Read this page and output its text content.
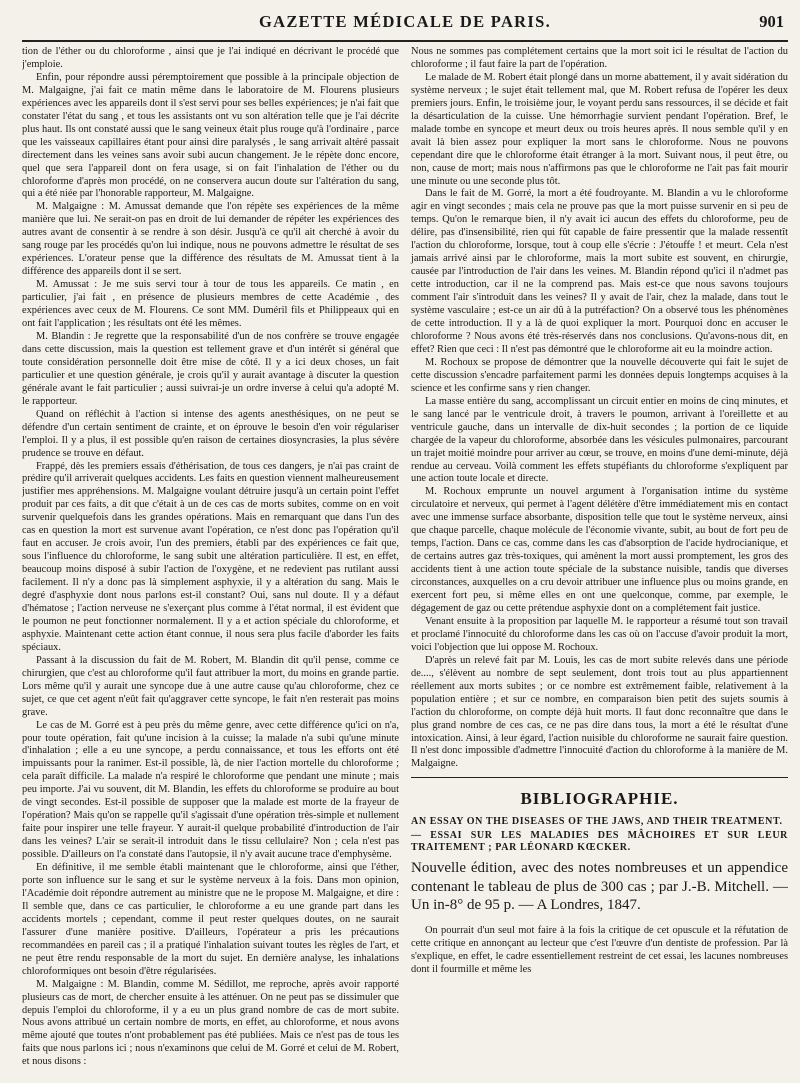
GAZETTE MÉDICALE DE PARIS.	901

tion de l'éther ou du chloroforme , ainsi que je l'ai indiqué en décrivant le procédé que j'emploie.

Enfin, pour répondre aussi péremptoirement que possible à la principale objection de M. Malgaigne, j'ai fait ce matin même dans le laboratoire de M. Flourens plusieurs expériences avec les appareils dont il s'est servi pour ses belles expériences; je n'ai fait que constater l'état du sang , et tous les assistants ont vu son altération telle que je l'ai décrite plus haut. Ils ont constaté aussi que le sang veineux était plus rouge qu'à l'ordinaire , parce que les vaisseaux capillaires étant pour ainsi dire paralysés , le sang arrivait altéré passait directement dans les veines sans avoir subi aucun changement. Je le répète donc encore, quel que sera l'appareil dont on fera usage, si on fait l'inhalation de l'éther ou du chloroforme d'après mon procédé, on ne conservera aucun doute sur l'altération du sang, qui a été niée par l'honorable rapporteur, M. Malgaigne.

M. Malgaigne : M. Amussat demande que l'on répète ses expériences de la même manière que lui. Ne serait-on pas en droit de lui demander de répéter les expériences des autres avant de consentir à se rendre à son désir. Jusqu'à ce qu'il ait cherché à avoir du sang rouge par les procédés qu'on lui indique, nous ne pouvons admettre le résultat de ses expériences. L'orateur pense que la différence des résultats de M. Amussat tient à la différence des appareils dont il se sert.

M. Amussat : Je me suis servi tour à tour de tous les appareils. Ce matin , en particulier, j'ai fait , en présence de plusieurs membres de cette Académie , des expériences avec ceux de M. Flourens. Ce sont MM. Duméril fils et Philippeaux qui en ont fait l'application ; les résultats ont été les mêmes.

M. Blandin : Je regrette que la responsabilité d'un de nos confrère se trouve engagée dans cette discussion, mais la question est tellement grave et d'un intérêt si général que toute considération personnelle doit être mise de côté. Il y a ici deux choses, un fait particulier et une question générale, je crois qu'il y aurait avantage à discuter la question générale avant le fait particulier ; aussi suivrai-je un ordre inverse à celui qu'a adopté M. le rapporteur.

Quand on réfléchit à l'action si intense des agents anesthésiques, on ne peut se défendre d'un certain sentiment de crainte, et on éprouve le besoin d'en voir régulariser l'emploi. Il y a plus, il est possible qu'en raison de certaines diosyncrasies, la plus sévère prudence se trouve en défaut.

Frappé, dès les premiers essais d'éthérisation, de tous ces dangers, je n'ai pas craint de prédire qu'il arriverait quelques accidents. Les faits en question viennent malheureusement justifier mes appréhensions. M. Malgaigne voulant détruire jusqu'à un certain point l'effet produit par ces faits, a dit que c'était à un de ces cas de morts subites, comme on en voit survenir quelquefois dans les grandes opérations. Mais en remarquant que dans l'un des cas en question la mort est survenue avant l'opération, ce n'est donc pas l'opération qu'il faut en accuser. Je crois avoir, l'un des premiers, établi par des expériences ce fait que, sous l'influence du chloroforme, le sang subit une altération particulière. Il est, en effet, beaucoup moins disposé à subir l'action de l'oxygène, et ne redevient pas rutilant aussi facilement. Il n'y a donc pas là simplement asphyxie, il y a altération du sang. Mais le degré d'asphyxie dont nous parlons est-il constant? Oui, sans nul doute. Il y a défaut d'hématose ; l'action nerveuse ne s'exerçant plus comme à l'état normal, il est évident que le poumon ne peut fonctionner normalement. Il y a et action spéciale du chloroforme, et asphyxie. Maintenant cette action étant connue, il nous sera plus facile d'aborder les faits spéciaux.

Passant à la discussion du fait de M. Robert, M. Blandin dit qu'il pense, comme ce chirurgien, que c'est au chloroforme qu'il faut attribuer la mort, du moins en grande partie. Lors même qu'il y aurait une syncope due à une autre cause qu'au chloroforme, chez ce sujet, ce que cet agent n'eût fait qu'aggraver cette syncope, le fait n'en resterait pas moins grave.

Le cas de M. Gorré est à peu près du même genre, avec cette différence qu'ici on n'a, pour toute opération, fait qu'une incision à la cuisse; la malade n'a subi qu'une minute d'inhalation ; elle a eu une syncope, a perdu connaissance, et tous les efforts ont été impuissants pour la ranimer. Est-il possible, là, de nier l'action mortelle du chloroforme ; cela paraît difficile. La malade n'a respiré le chloroforme que pendant une minute ; mais peu importe. J'ai vu souvent, dit M. Blandin, les effets du chloroforme se produire au bout de vingt secondes. Est-il possible de supposer que la malade est morte de la frayeur de l'opération? Mais qu'on se rappelle qu'il s'agissait d'une opération très-simple et nullement faite pour inspirer une telle frayeur. Y aurait-il quelque probabilité d'introduction de l'air dans les veines? L'air se serait-il introduit dans le tissu cellulaire? Non ; cela n'est pas possible. D'ailleurs on l'a constaté dans l'autopsie, il n'y avait aucune trace d'emphysème.

En définitive, il me semble établi maintenant que le chloroforme, ainsi que l'éther, porte son influence sur le sang et sur le système nerveux à la fois. Dans mon opinion, l'Académie doit répondre autrement au ministre que ne le propose M. Malgaigne, et dire : Il semble que, dans ce cas particulier, le chloroforme a eu une grande part dans les accidents mortels ; cependant, comme il peut rester quelques doutes, on ne saurait l'assurer d'une manière positive. D'ailleurs, l'opérateur a pris les précautions recommandées en pareil cas ; il a pratiqué l'inhalation suivant toutes les règles de l'art, et ne peut être rendu responsable de la mort du sujet. En dernière analyse, les inhalations chloroformiques ont besoin d'être régularisées.

M. Malgaigne : M. Blandin, comme M. Sédillot, me reproche, après avoir rapporté plusieurs cas de mort, de chercher ensuite à les atténuer. On ne peut pas se dissimuler que depuis l'emploi du chloroforme, il y a eu un plus grand nombre de cas de mort subite. Nous avons attribué un certain nombre de morts, en effet, au chloroforme, et nous avons même ajouté que toutes n'ont probablement pas été publiées. Mais ce n'est pas de tous les faits que nous parlons ici ; nous n'examinons que celui de M. Gorré et celui de M. Robert, et nous disons :

Nous ne sommes pas complétement certains que la mort soit ici le résultat de l'action du chloroforme ; il faut faire la part de l'opération.

Le malade de M. Robert était plongé dans un morne abattement, il y avait sidération du système nerveux ; le sujet était tellement mal, que M. Robert refusa de l'opérer les deux premiers jours. Enfin, le troisième jour, le voyant perdu sans ressources, il se décide et fait la désarticulation de la cuisse. Une hémorrhagie survient pendant l'opération. Bref, le malade tombe en syncope et meurt deux ou trois heures après. Il nous semble qu'il y en avait là bien assez pour expliquer la mort sans le chloroforme. Nous ne pouvons cependant dire que le chloroforme était étranger à la mort. Suivant nous, il peut être, ou non, cause de mort; mais nous n'affirmons pas que le chloroforme ne l'ait pas fait mourir une minute ou une seconde plus tôt.

Dans le fait de M. Gorré, la mort a été foudroyante. M. Blandin a vu le chloroforme agir en vingt secondes ; mais cela ne prouve pas que la mort puisse survenir en si peu de temps. Qu'on le remarque bien, il n'y avait ici aucun des effets du chloroforme, peu de délire, pas d'insensibilité, rien qui fût capable de faire pressentir que la malade ressentît l'action du chloroforme, lorsque, tout à coup elle s'écrie : J'étouffe ! et meurt. Cela n'est jamais arrivé ainsi par le chloroforme, mais la mort subite est souvent, en chirurgie, causée par l'introduction de l'air dans les veines. M. Blandin répond qu'ici il n'admet pas cette introduction, car il ne la comprend pas. Mais est-ce que nous savons toujours comment l'air s'introduit dans les veines? Il y avait de l'air, chez la malade, dans tout le système vasculaire ; est-ce un air dû à la putréfaction? On a observé tous les phénomènes de cette introduction. Il y a là de quoi expliquer la mort. Pourquoi donc en accuser le chloroforme ? Nous avons été très-réservés dans nos conclusions. Qu'avons-nous dit, en effet? Rien que ceci : Il n'est pas démontré que le chloroforme ait eu la moindre action.

M. Rochoux se propose de démontrer que la nouvelle découverte qui fait le sujet de cette discussion s'encadre parfaitement parmi les données depuis longtemps acquises à la science et les confirme sans y rien changer.

La masse entière du sang, accomplissant un circuit entier en moins de cinq minutes, et le sang lancé par le ventricule droit, à travers le poumon, arrivant à l'oreillette et au ventricule gauche, dans un intervalle de dix-huit secondes ; la portion de ce liquide chargée de la vapeur du chloroforme, absorbée dans les vésicules pulmonaires, parcourant un trajet moitié moindre pour arriver au cœur, se trouve, en moins d'une demi-minute, déjà rendue au cerveau. Voilà comment les effets stupéfiants du chloroforme s'expliquent par une action toute locale et directe.

M. Rochoux emprunte un nouvel argument à l'organisation intime du système circulatoire et nerveux, qui permet à l'agent délétère d'être immédiatement mis en contact avec une immense surface absorbante, disposition telle que tout le système nerveux, ainsi que chaque parcelle, chaque molécule de l'économie vivante, subit, au bout de fort peu de temps, l'action. Dans ce cas, comme dans les cas d'absorption de l'acide hydrocianique, et de certains autres gaz très-toxiques, qui amènent la mort aussi promptement, les gros des accidents tient à une action toute spéciale de la substance nuisible, tandis que diverses circonstances, auxquelles on a cru devoir attribuer une influence plus ou moins grande, en exercent fort peu, si même elles en ont une quelconque, comme, par exemple, le dégagement de gaz ou cette prétendue asphyxie dont on a complétement fait justice.

Venant ensuite à la proposition par laquelle M. le rapporteur a résumé tout son travail et proclamé l'innocuité du chloroforme dans les cas où on l'accuse d'avoir produit la mort, voici l'objection que lui oppose M. Rochoux.

D'après un relevé fait par M. Louis, les cas de mort subite relevés dans une période de...., s'élèvent au nombre de sept seulement, dont trois tout au plus appartiennent réellement aux morts subites ; or ce nombre est extrêmement faible, relativement à la population entière ; et sur ce nombre, en comparaison bien petit des sujets soumis à l'action du chloroforme, on compte déjà huit morts. Il faut donc reconnaître que dans le plus grand nombre de ces cas, ce ne pas dire dans tous, la mort a été le résultat d'une intoxication. Ainsi, à leur égard, l'action nuisible du chloroforme ne saurait faire question. Il n'est donc impossible d'admettre l'innocuité d'action du chloroforme à la manière de M. Malgaigne.

BIBLIOGRAPHIE.
AN ESSAY ON THE DISEASES OF THE JAWS, AND THEIR TREATMENT.
— ESSAI SUR LES MALADIES DES MÂCHOIRES ET SUR LEUR TRAITEMENT ; PAR LÉONARD KŒCKER.
Nouvelle édition, avec des notes nombreuses et un appendice contenant le tableau de plus de 300 cas ; par J.-B. Mitchell. — Un in-8° de 95 p. — A Londres, 1847.

On pourrait d'un seul mot faire à la fois la critique de cet opuscule et la réfutation de cette critique en annonçant au lecteur que c'est l'œuvre d'un dentiste de profession. Par là s'explique, en effet, le cadre essentiellement restreint de cet essai, les lacunes nombreuses dont il fourmille et même les
